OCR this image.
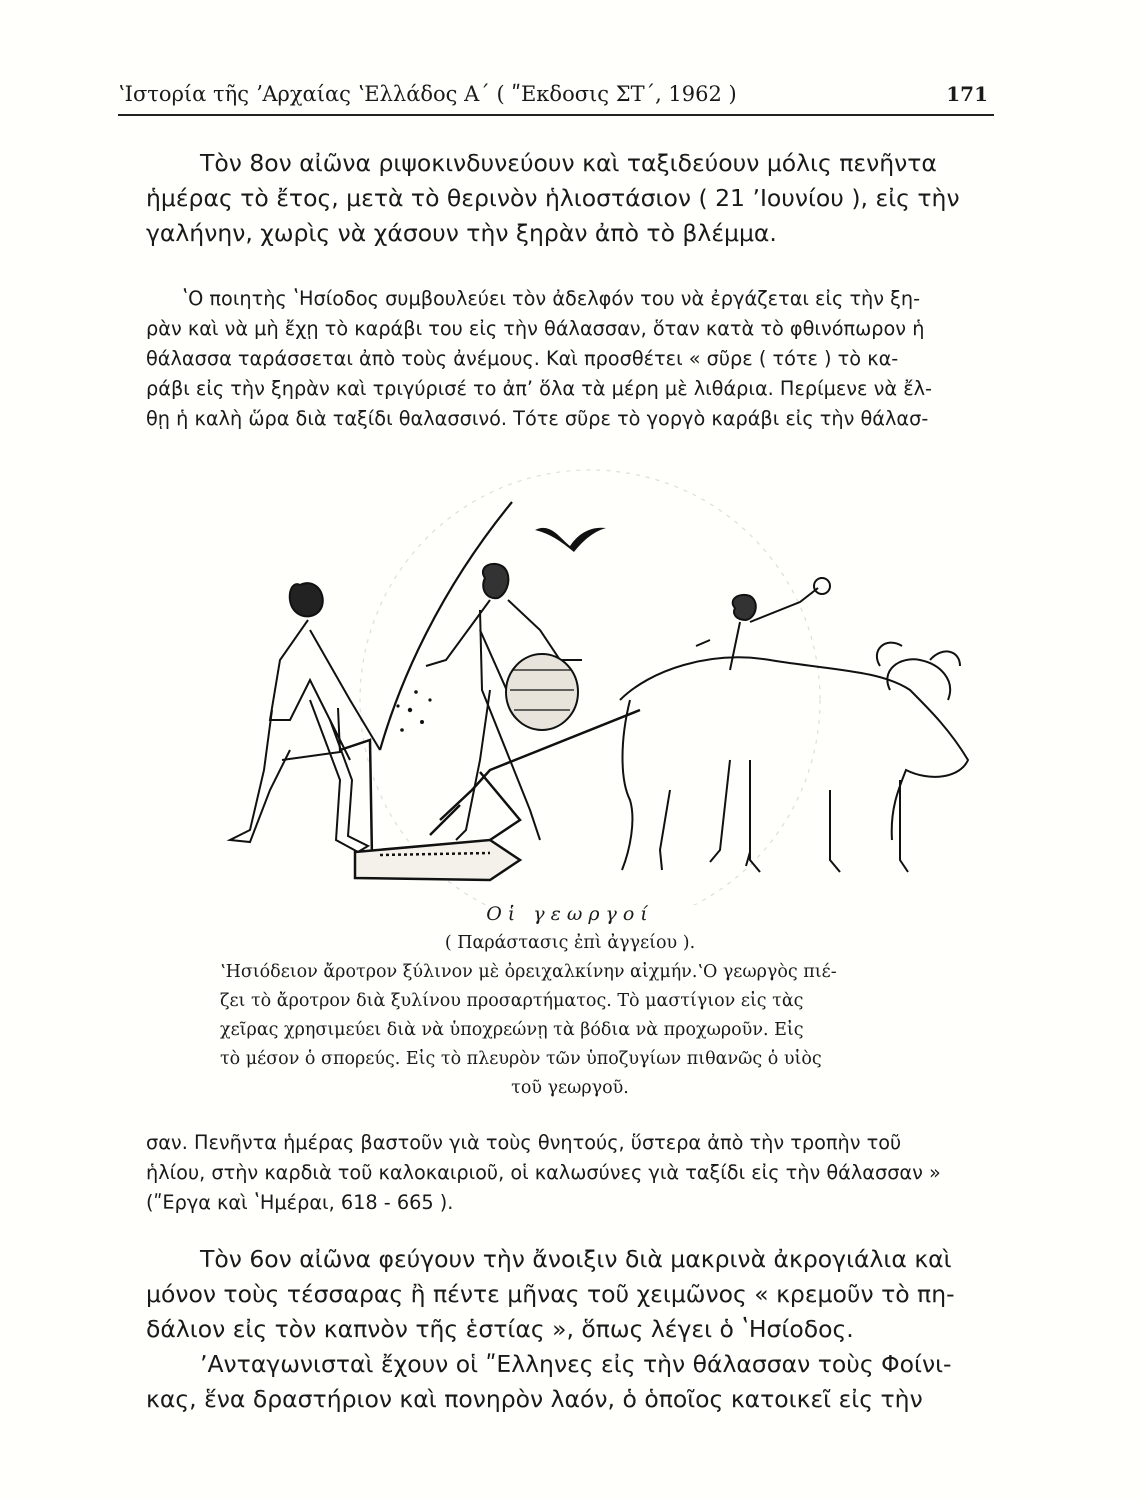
ʽΙστορία τῆς ʼΑρχαίας ʽΕλλάδος Α΄ ( ʺΕκδοσις ΣΤ΄, 1962 )	171

Τὸν 8ον αἰῶνα ριψοκινδυνεύουν καὶ ταξιδεύουν μόλις πενῆντα
ἡμέρας τὸ ἔτος, μετὰ τὸ θερινὸν ἡλιοστάσιον ( 21 ʼΙουνίου ), εἰς τὴν
γαλήνην, χωρὶς νὰ χάσουν τὴν ξηρὰν ἀπὸ τὸ βλέμμα.

ʽΟ ποιητὴς ʽΗσίοδος συμβουλεύει τὸν ἀδελφόν του νὰ ἐργάζεται εἰς τὴν ξη-
ρὰν καὶ νὰ μὴ ἔχῃ τὸ καράβι του εἰς τὴν θάλασσαν, ὅταν κατὰ τὸ φθινόπωρον ἡ
θάλασσα ταράσσεται ἀπὸ τοὺς ἀνέμους. Καὶ προσθέτει « σῦρε ( τότε ) τὸ κα-
ράβι εἰς τὴν ξηρὰν καὶ τριγύρισέ το ἀπʼ ὅλα τὰ μέρη μὲ λιθάρια. Περίμενε νὰ ἔλ-
θῃ ἡ καλὴ ὥρα διὰ ταξίδι θαλασσινό. Τότε σῦρε τὸ γοργὸ καράβι εἰς τὴν θάλασ-

Οἱ γεωργοί
( Παράστασις ἐπὶ ἀγγείου ).
ʽΗσιόδειον ἄροτρον ξύλινον μὲ ὀρειχαλκίνην αἰχμήν.ʽΟ γεωργὸς πιέ-
ζει τὸ ἄροτρον διὰ ξυλίνου προσαρτήματος. Τὸ μαστίγιον εἰς τὰς
χεῖρας χρησιμεύει διὰ νὰ ὑποχρεώνῃ τὰ βόδια νὰ προχωροῦν. Εἰς
τὸ μέσον ὁ σπορεύς. Εἰς τὸ πλευρὸν τῶν ὑποζυγίων πιθανῶς ὁ υἱὸς
τοῦ γεωργοῦ.

σαν. Πενῆντα ἡμέρας βαστοῦν γιὰ τοὺς θνητούς, ὕστερα ἀπὸ τὴν τροπὴν τοῦ
ἡλίου, στὴν καρδιὰ τοῦ καλοκαιριοῦ, οἱ καλωσύνες γιὰ ταξίδι εἰς τὴν θάλασσαν »
(ʺΕργα καὶ ʽΗμέραι, 618 - 665 ).

Τὸν 6ον αἰῶνα φεύγουν τὴν ἄνοιξιν διὰ μακρινὰ ἀκρογιάλια καὶ
μόνον τοὺς τέσσαρας ἢ πέντε μῆνας τοῦ χειμῶνος « κρεμοῦν τὸ πη-
δάλιον εἰς τὸν καπνὸν τῆς ἑστίας », ὅπως λέγει ὁ ʽΗσίοδος.

ʼΑνταγωνισταὶ ἔχουν οἱ ʺΕλληνες εἰς τὴν θάλασσαν τοὺς Φοίνι-
κας, ἕνα δραστήριον καὶ πονηρὸν λαόν, ὁ ὁποῖος κατοικεῖ εἰς τὴν
